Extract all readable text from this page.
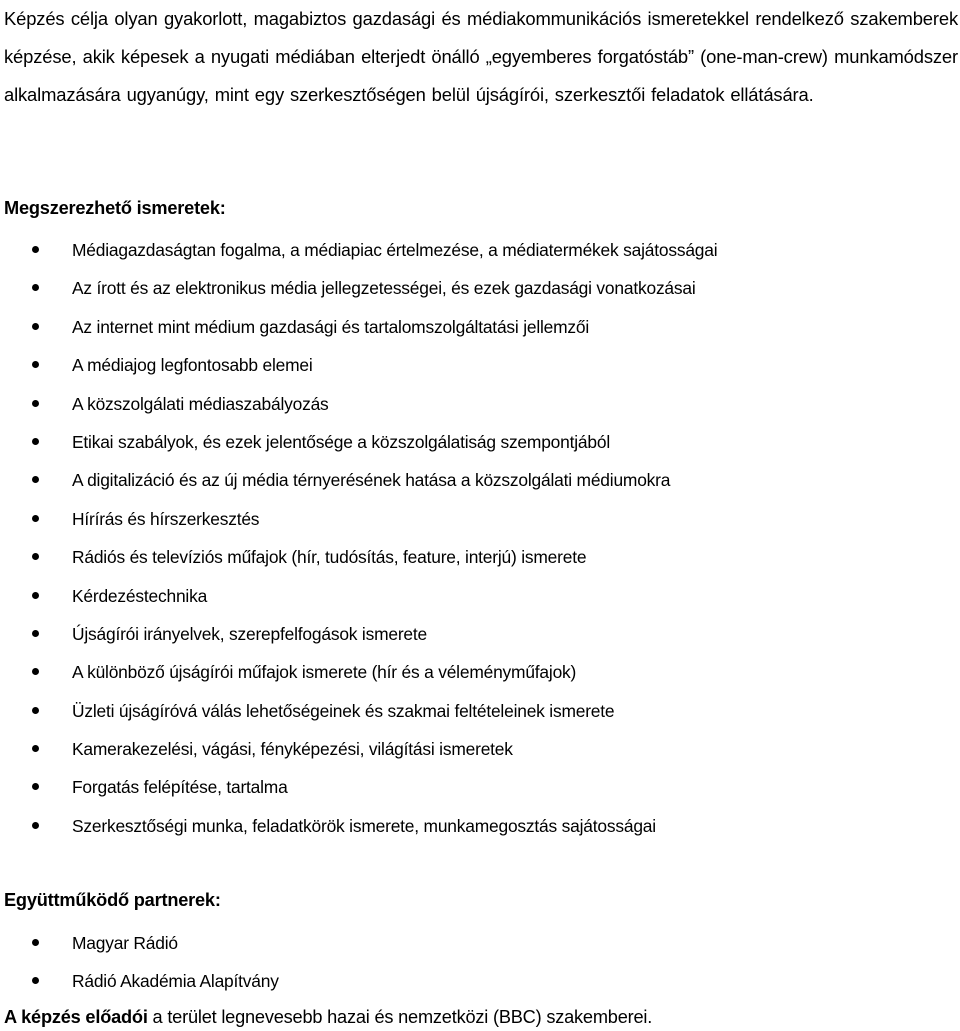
Képzés célja olyan gyakorlott, magabiztos gazdasági és médiakommunikációs ismeretekkel rendelkező szakemberek képzése, akik képesek a nyugati médiában elterjedt önálló „egyemberes forgatóstáb” (one-man-crew) munkamódszer alkalmazására ugyanúgy, mint egy szerkesztőségen belül újságírói, szerkesztői feladatok ellátására.

Megszerezhető ismeretek:
Médiagazdaságtan fogalma, a médiapiac értelmezése, a médiatermékek sajátosságai
Az írott és az elektronikus média jellegzetességei, és ezek gazdasági vonatkozásai
Az internet mint médium gazdasági és tartalomszolgáltatási jellemzői
A médiajog legfontosabb elemei
A közszolgálati médiaszabályozás
Etikai szabályok, és ezek jelentősége a közszolgálatiság szempontjából
A digitalizáció és az új média térnyerésének hatása a közszolgálati médiumokra
Hírírás és hírszerkesztés
Rádiós és televíziós műfajok (hír, tudósítás, feature, interjú) ismerete
Kérdezéstechnika
Újságírói irányelvek, szerepfelfogások ismerete
A különböző újságírói műfajok ismerete (hír és a véleményműfajok)
Üzleti újságíróvá válás lehetőségeinek és szakmai feltételeinek ismerete
Kamerakezelési, vágási, fényképezési, világítási ismeretek
Forgatás felépítése, tartalma
Szerkesztőségi munka, feladatkörök ismerete, munkamegosztás sajátosságai
Együttműködő partnerek:
Magyar Rádió
Rádió Akadémia Alapítvány

A képzés előadói a terület legnevesebb hazai és nemzetközi (BBC) szakemberei.
